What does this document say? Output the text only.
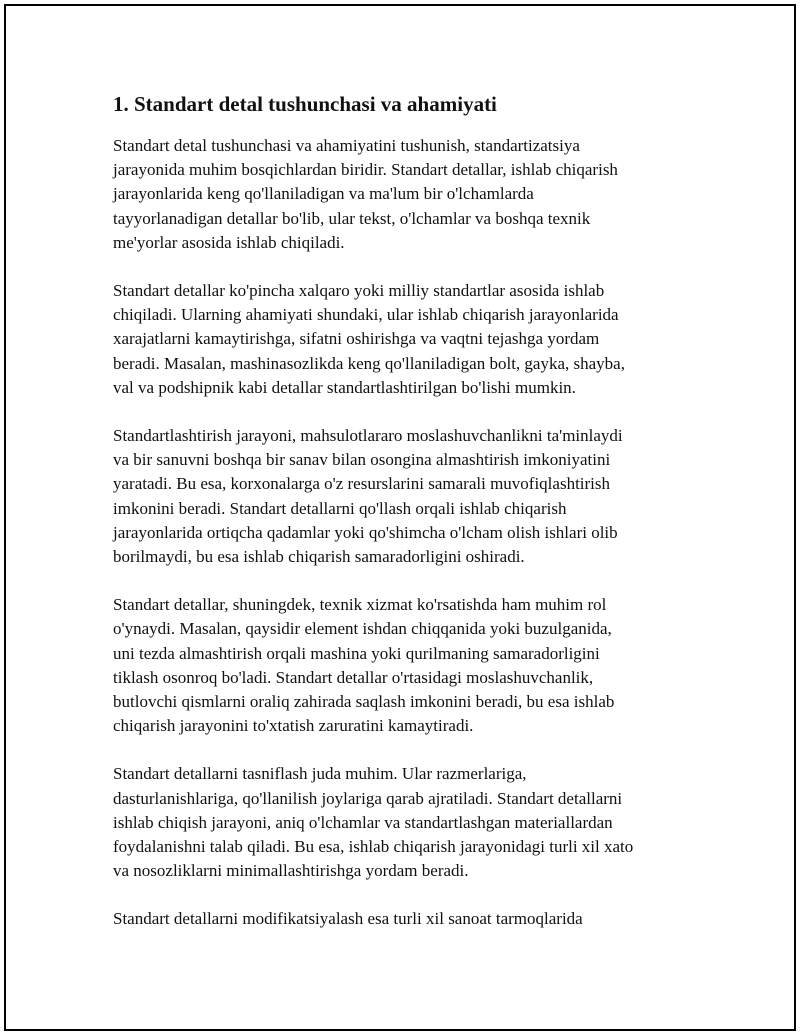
1. Standart detal tushunchasi va ahamiyati

Standart detal tushunchasi va ahamiyatini tushunish, standartizatsiya
jarayonida muhim bosqichlardan biridir. Standart detallar, ishlab chiqarish
jarayonlarida keng qo'llaniladigan va ma'lum bir o'lchamlarda
tayyorlanadigan detallar bo'lib, ular tekst, o'lchamlar va boshqa texnik
me'yorlar asosida ishlab chiqiladi.

Standart detallar ko'pincha xalqaro yoki milliy standartlar asosida ishlab
chiqiladi. Ularning ahamiyati shundaki, ular ishlab chiqarish jarayonlarida
xarajatlarni kamaytirishga, sifatni oshirishga va vaqtni tejashga yordam
beradi. Masalan, mashinasozlikda keng qo'llaniladigan bolt, gayka, shayba,
val va podshipnik kabi detallar standartlashtirilgan bo'lishi mumkin.

Standartlashtirish jarayoni, mahsulotlararo moslashuvchanlikni ta'minlaydi
va bir sanuvni boshqa bir sanav bilan osongina almashtirish imkoniyatini
yaratadi. Bu esa, korxonalarga o'z resurslarini samarali muvofiqlashtirish
imkonini beradi. Standart detallarni qo'llash orqali ishlab chiqarish
jarayonlarida ortiqcha qadamlar yoki qo'shimcha o'lcham olish ishlari olib
borilmaydi, bu esa ishlab chiqarish samaradorligini oshiradi.

Standart detallar, shuningdek, texnik xizmat ko'rsatishda ham muhim rol
o'ynaydi. Masalan, qaysidir element ishdan chiqqanida yoki buzulganida,
uni tezda almashtirish orqali mashina yoki qurilmaning samaradorligini
tiklash osonroq bo'ladi. Standart detallar o'rtasidagi moslashuvchanlik,
butlovchi qismlarni oraliq zahirada saqlash imkonini beradi, bu esa ishlab
chiqarish jarayonini to'xtatish zaruratini kamaytiradi.

Standart detallarni tasniflash juda muhim. Ular razmerlariga,
dasturlanishlariga, qo'llanilish joylariga qarab ajratiladi. Standart detallarni
ishlab chiqish jarayoni, aniq o'lchamlar va standartlashgan materiallardan
foydalanishni talab qiladi. Bu esa, ishlab chiqarish jarayonidagi turli xil xato
va nosozliklarni minimallashtirishga yordam beradi.

Standart detallarni modifikatsiyalash esa turli xil sanoat tarmoqlarida
